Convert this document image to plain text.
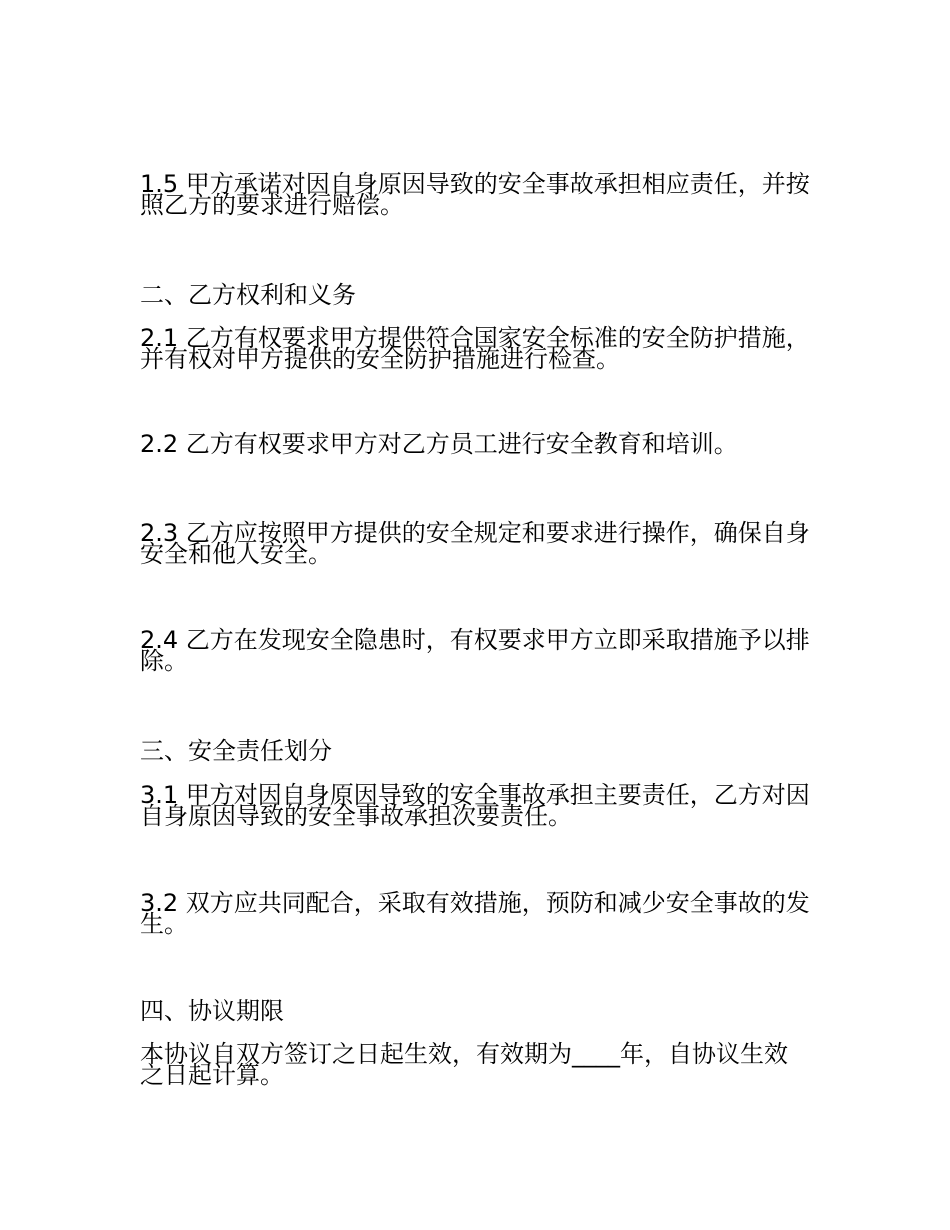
1.5 甲方承诺对因自身原因导致的安全事故承担相应责任，并按照乙方的要求进行赔偿。

二、乙方权利和义务

2.1 乙方有权要求甲方提供符合国家安全标准的安全防护措施，并有权对甲方提供的安全防护措施进行检查。

2.2 乙方有权要求甲方对乙方员工进行安全教育和培训。

2.3 乙方应按照甲方提供的安全规定和要求进行操作，确保自身安全和他人安全。

2.4 乙方在发现安全隐患时，有权要求甲方立即采取措施予以排除。

三、安全责任划分

3.1 甲方对因自身原因导致的安全事故承担主要责任，乙方对因自身原因导致的安全事故承担次要责任。

3.2 双方应共同配合，采取有效措施，预防和减少安全事故的发生。

四、协议期限

本协议自双方签订之日起生效，有效期为____年，自协议生效之日起计算。
